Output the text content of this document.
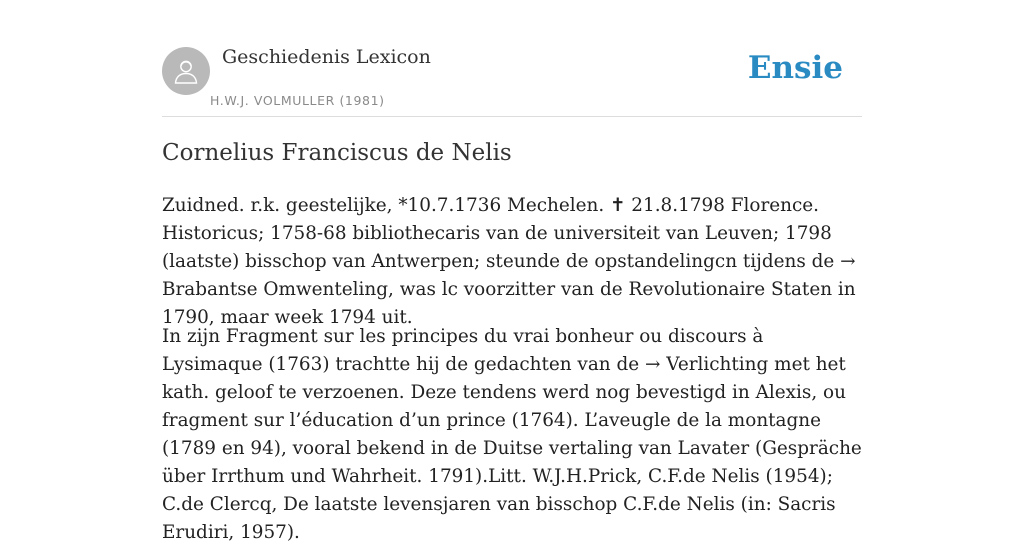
Geschiedenis Lexicon
H.W.J. VOLMULLER (1981)
Ensie
Cornelius Franciscus de Nelis

Zuidned. r.k. geestelijke, *10.7.1736 Mechelen. ✝ 21.8.1798 Florence. Historicus; 1758-68 bibliothecaris van de universiteit van Leuven; 1798 (laatste) bisschop van Antwerpen; steunde de opstandelingcn tijdens de → Brabantse Omwenteling, was lc voorzitter van de Revolutionaire Staten in 1790, maar week 1794 uit.

In zijn Fragment sur les principes du vrai bonheur ou discours à Lysimaque (1763) trachtte hij de gedachten van de → Verlichting met het kath. geloof te verzoenen. Deze tendens werd nog bevestigd in Alexis, ou fragment sur l’éducation d’un prince (1764). L’aveugle de la montagne (1789 en 94), vooral bekend in de Duitse vertaling van Lavater (Gespräche über Irrthum und Wahrheit. 1791).Litt. W.J.H.Prick, C.F.de Nelis (1954); C.de Clercq, De laatste levensjaren van bisschop C.F.de Nelis (in: Sacris Erudiri, 1957).
